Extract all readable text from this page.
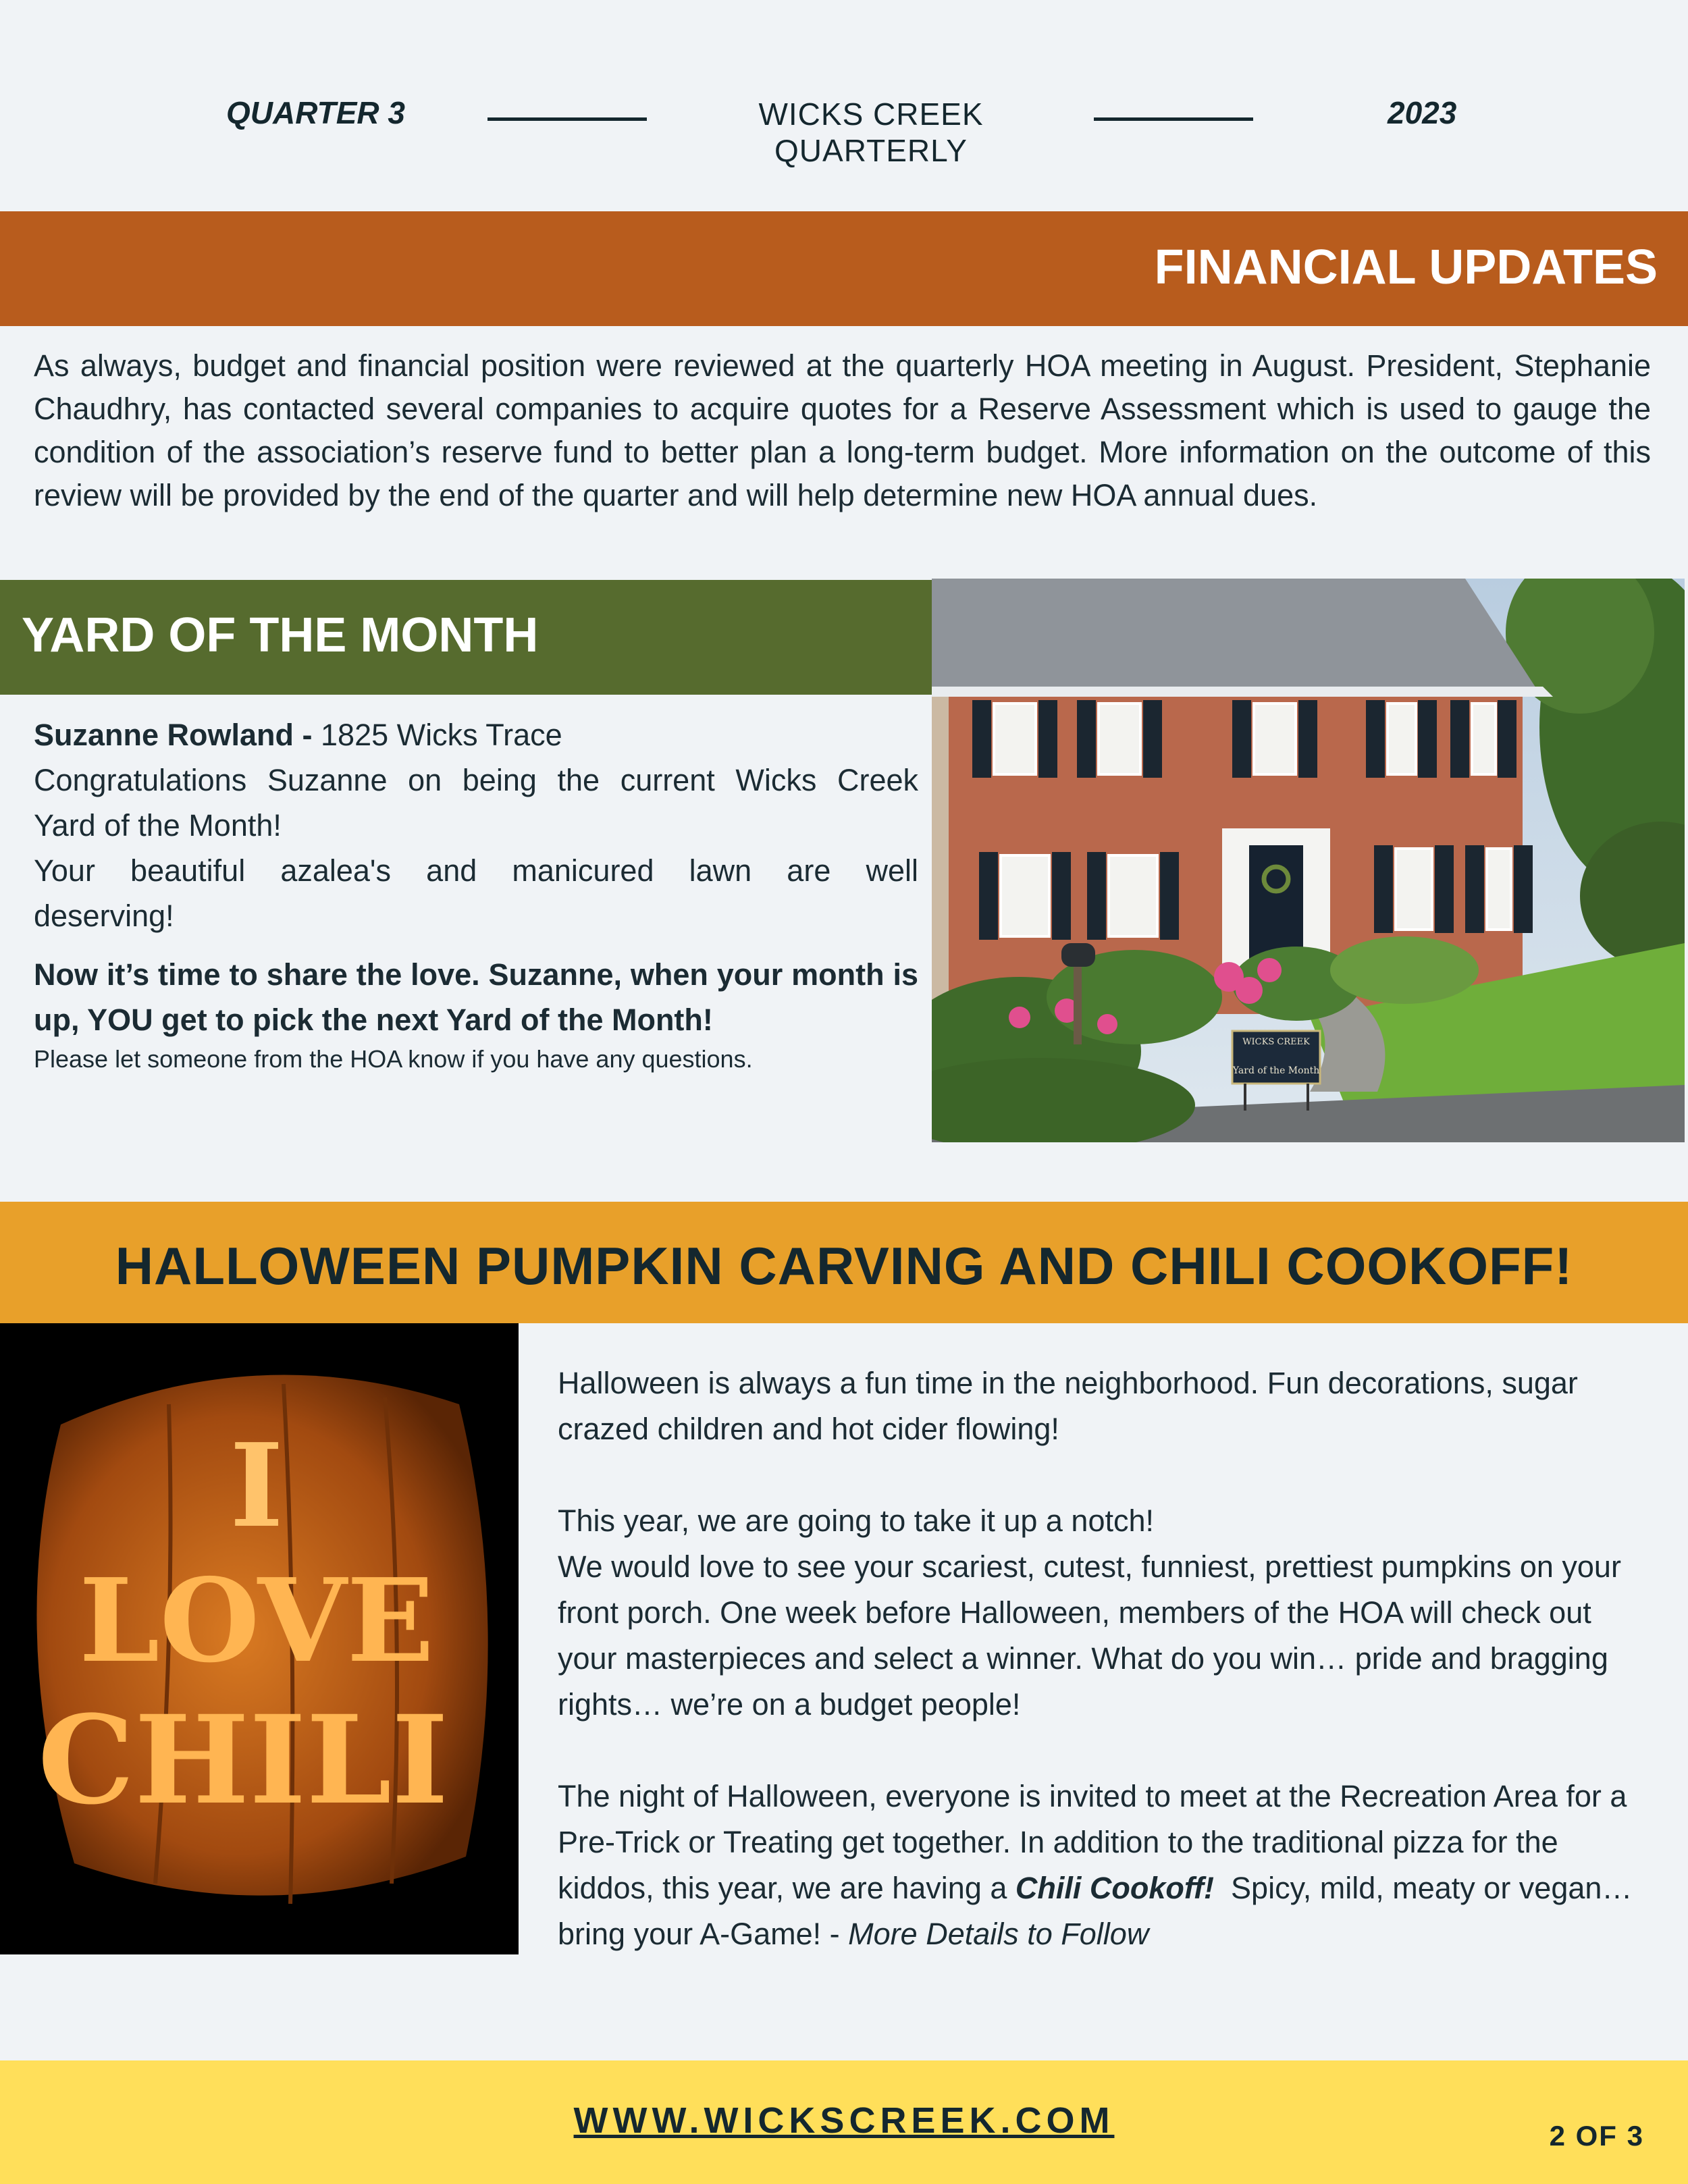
QUARTER 3	WICKS CREEK QUARTERLY
2023
FINANCIAL UPDATES
As always, budget and financial position were reviewed at the quarterly HOA meeting in August. President, Stephanie Chaudhry, has contacted several companies to acquire quotes for a Reserve Assessment which is used to gauge the condition of the association’s reserve fund to better plan a long-term budget. More information on the outcome of this review will be provided by the end of the quarter and will help determine new HOA annual dues.
YARD OF THE MONTH
Suzanne Rowland - 1825 Wicks Trace
Congratulations Suzanne on being the current Wicks Creek
Yard of the Month!
Your beautiful azalea's and manicured lawn are well
deserving!
Now it’s time to share the love. Suzanne, when your month is up, YOU get to pick the next Yard of the Month!
Please let someone from the HOA know if you have any questions.
WICKS CREEK
Yard of the Month
HALLOWEEN PUMPKIN CARVING AND CHILI COOKOFF!
I
LOVE
CHILI

Halloween is always a fun time in the neighborhood. Fun decorations, sugar crazed children and hot cider flowing!

This year, we are going to take it up a notch!
We would love to see your scariest, cutest, funniest, prettiest pumpkins on your front porch. One week before Halloween, members of the HOA will check out your masterpieces and select a winner. What do you win… pride and bragging rights… we’re on a budget people!

The night of Halloween, everyone is invited to meet at the Recreation Area for a Pre-Trick or Treating get together. In addition to the traditional pizza for the kiddos, this year, we are having a Chili Cookoff!  Spicy, mild, meaty or vegan… bring your A-Game! - More Details to Follow

WWW.WICKSCREEK.COM	2 OF 3
